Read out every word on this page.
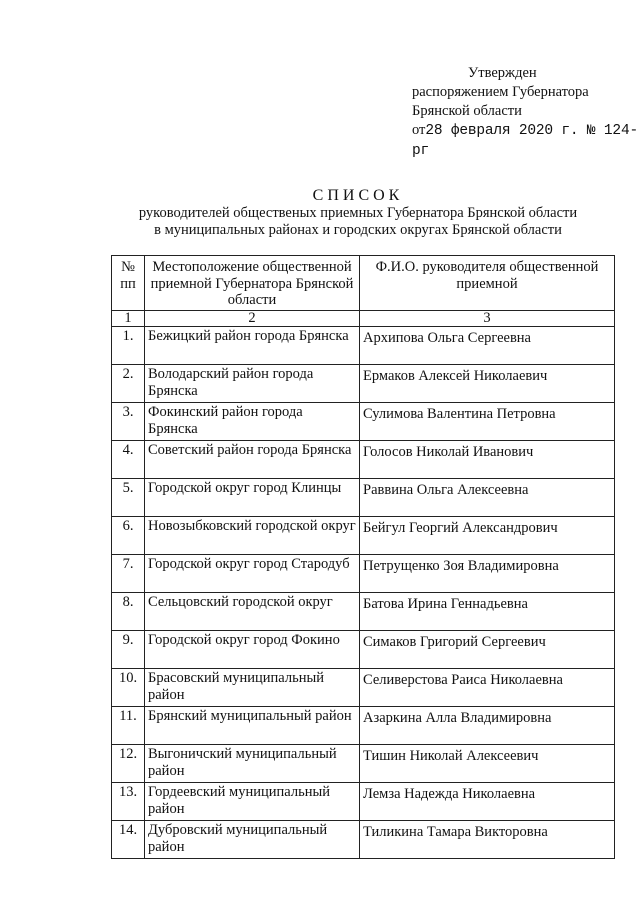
Утвержден
распоряжением Губернатора
Брянской области
от28 февраля 2020 г. № 124-рг
СПИСОК
руководителей общественых приемных Губернатора Брянской области
в муниципальных районах и городских округах Брянской области
№ пп	Местоположение общественной приемной Губернатора Брянской области	Ф.И.О. руководителя общественной приемной
1	2	3
1.	Бежицкий район города Брянска	Архипова Ольга Сергеевна
2.	Володарский район города Брянска	Ермаков Алексей Николаевич
3.	Фокинский район города Брянска	Сулимова Валентина Петровна
4.	Советский район города Брянска	Голосов Николай Иванович
5.	Городской округ город Клинцы	Раввина Ольга Алексеевна
6.	Новозыбковский городской округ	Бейгул Георгий Александрович
7.	Городской округ город Стародуб	Петрущенко Зоя Владимировна
8.	Сельцовский городской округ	Батова Ирина Геннадьевна
9.	Городской округ город Фокино	Симаков Григорий Сергеевич
10.	Брасовский муниципальный район	Селиверстова Раиса Николаевна
11.	Брянский муниципальный район	Азаркина Алла Владимировна
12.	Выгоничский муниципальный район	Тишин Николай Алексеевич
13.	Гордеевский муниципальный район	Лемза Надежда Николаевна
14.	Дубровский муниципальный район	Тиликина Тамара Викторовна
